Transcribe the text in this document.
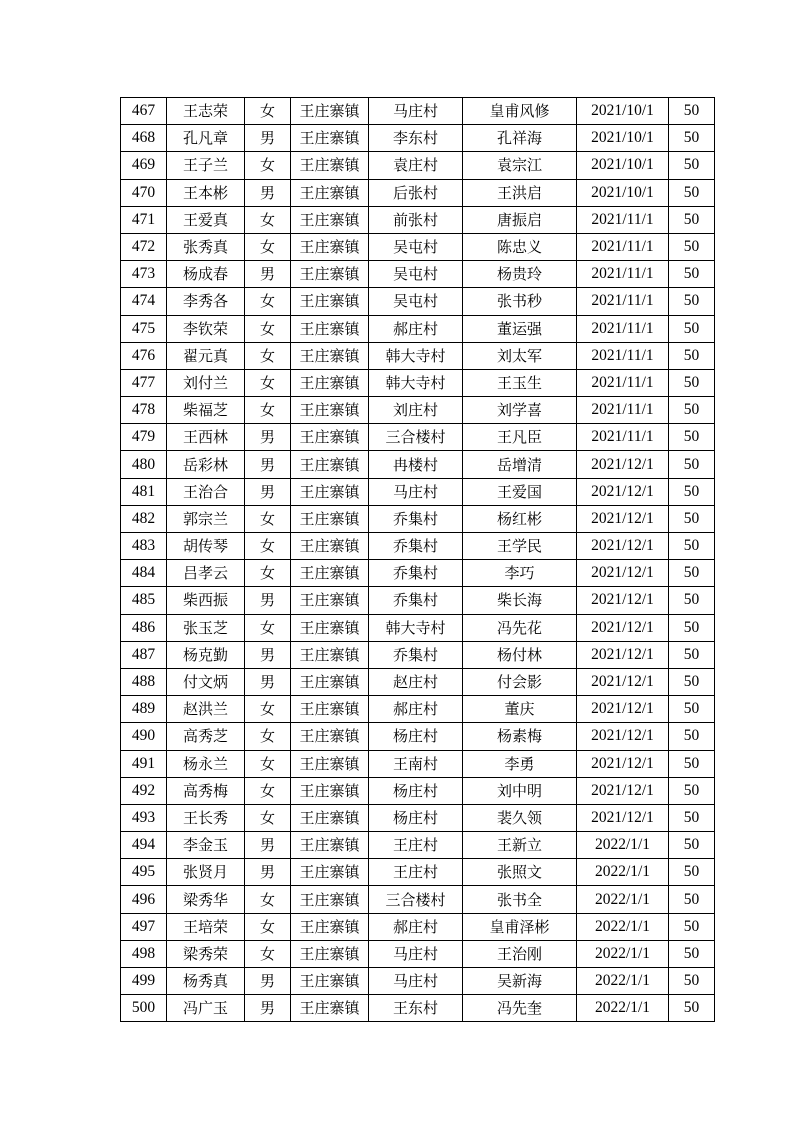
467	王志荣	女	王庄寨镇	马庄村	皇甫风修	2021/10/1	50
468	孔凡章	男	王庄寨镇	李东村	孔祥海	2021/10/1	50
469	王子兰	女	王庄寨镇	袁庄村	袁宗江	2021/10/1	50
470	王本彬	男	王庄寨镇	后张村	王洪启	2021/10/1	50
471	王爱真	女	王庄寨镇	前张村	唐振启	2021/11/1	50
472	张秀真	女	王庄寨镇	吴屯村	陈忠义	2021/11/1	50
473	杨成春	男	王庄寨镇	吴屯村	杨贵玲	2021/11/1	50
474	李秀各	女	王庄寨镇	吴屯村	张书秒	2021/11/1	50
475	李钦荣	女	王庄寨镇	郝庄村	董运强	2021/11/1	50
476	翟元真	女	王庄寨镇	韩大寺村	刘太军	2021/11/1	50
477	刘付兰	女	王庄寨镇	韩大寺村	王玉生	2021/11/1	50
478	柴福芝	女	王庄寨镇	刘庄村	刘学喜	2021/11/1	50
479	王西林	男	王庄寨镇	三合楼村	王凡臣	2021/11/1	50
480	岳彩林	男	王庄寨镇	冉楼村	岳增清	2021/12/1	50
481	王治合	男	王庄寨镇	马庄村	王爱国	2021/12/1	50
482	郭宗兰	女	王庄寨镇	乔集村	杨红彬	2021/12/1	50
483	胡传琴	女	王庄寨镇	乔集村	王学民	2021/12/1	50
484	吕孝云	女	王庄寨镇	乔集村	李巧	2021/12/1	50
485	柴西振	男	王庄寨镇	乔集村	柴长海	2021/12/1	50
486	张玉芝	女	王庄寨镇	韩大寺村	冯先花	2021/12/1	50
487	杨克勤	男	王庄寨镇	乔集村	杨付林	2021/12/1	50
488	付文炳	男	王庄寨镇	赵庄村	付会影	2021/12/1	50
489	赵洪兰	女	王庄寨镇	郝庄村	董庆	2021/12/1	50
490	高秀芝	女	王庄寨镇	杨庄村	杨素梅	2021/12/1	50
491	杨永兰	女	王庄寨镇	王南村	李勇	2021/12/1	50
492	高秀梅	女	王庄寨镇	杨庄村	刘中明	2021/12/1	50
493	王长秀	女	王庄寨镇	杨庄村	裴久领	2021/12/1	50
494	李金玉	男	王庄寨镇	王庄村	王新立	2022/1/1	50
495	张贤月	男	王庄寨镇	王庄村	张照文	2022/1/1	50
496	梁秀华	女	王庄寨镇	三合楼村	张书全	2022/1/1	50
497	王培荣	女	王庄寨镇	郝庄村	皇甫泽彬	2022/1/1	50
498	梁秀荣	女	王庄寨镇	马庄村	王治刚	2022/1/1	50
499	杨秀真	男	王庄寨镇	马庄村	吴新海	2022/1/1	50
500	冯广玉	男	王庄寨镇	王东村	冯先奎	2022/1/1	50
